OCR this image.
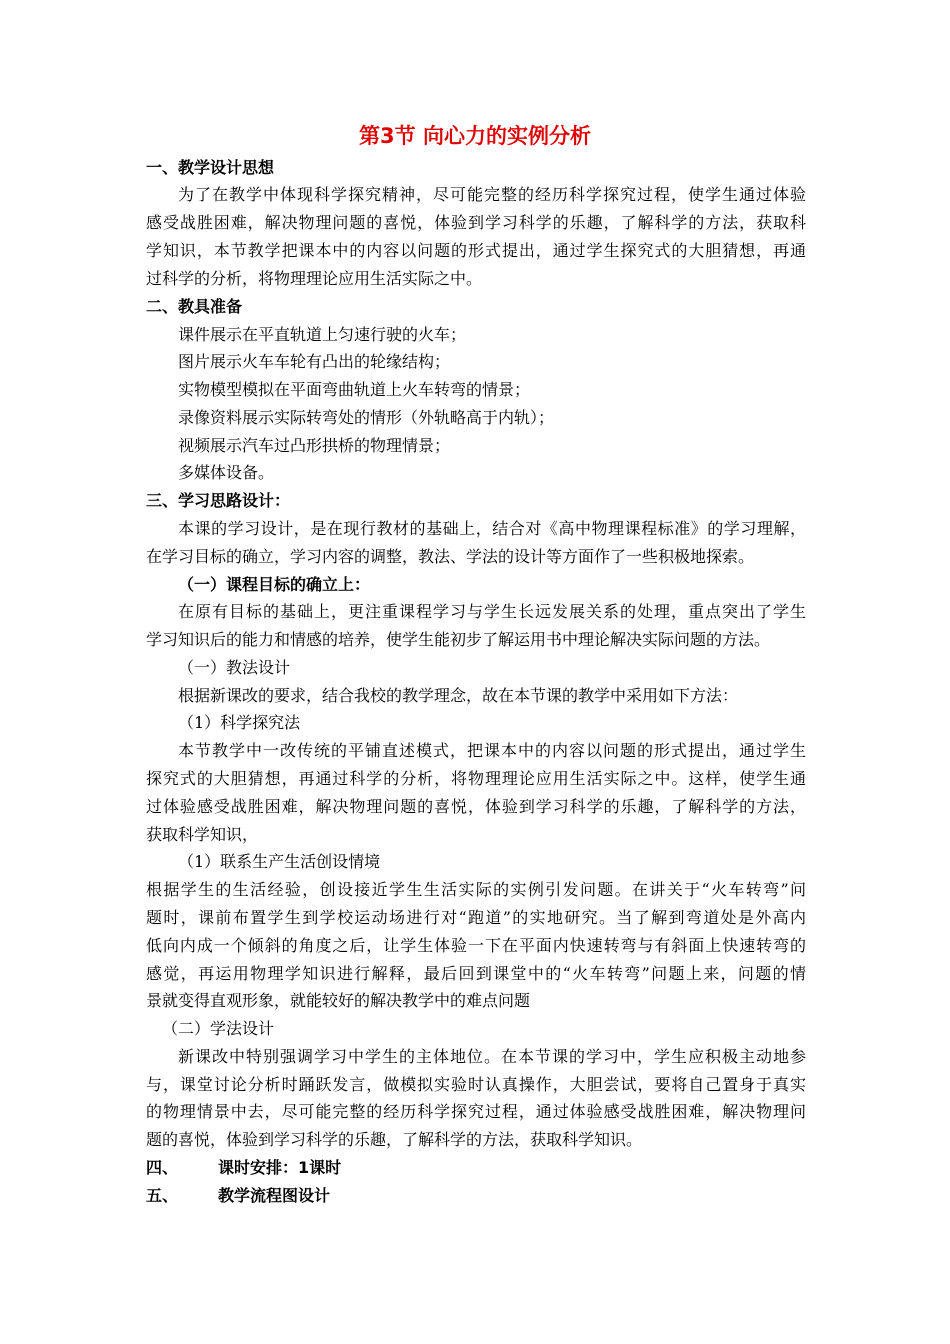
第3节 向心力的实例分析
一、教学设计思想
为了在教学中体现科学探究精神，尽可能完整的经历科学探究过程，使学生通过体验
感受战胜困难，解决物理问题的喜悦，体验到学习科学的乐趣，了解科学的方法，获取科
学知识，本节教学把课本中的内容以问题的形式提出，通过学生探究式的大胆猜想，再通
过科学的分析，将物理理论应用生活实际之中。
二、教具准备
课件展示在平直轨道上匀速行驶的火车；
图片展示火车车轮有凸出的轮缘结构；
实物模型模拟在平面弯曲轨道上火车转弯的情景；
录像资料展示实际转弯处的情形（外轨略高于内轨）；
视频展示汽车过凸形拱桥的物理情景；
多媒体设备。
三、学习思路设计：
本课的学习设计，是在现行教材的基础上，结合对《高中物理课程标准》的学习理解，
在学习目标的确立，学习内容的调整，教法、学法的设计等方面作了一些积极地探索。
（一）课程目标的确立上：
在原有目标的基础上，更注重课程学习与学生长远发展关系的处理，重点突出了学生
学习知识后的能力和情感的培养，使学生能初步了解运用书中理论解决实际问题的方法。
（一）教法设计
根据新课改的要求，结合我校的教学理念，故在本节课的教学中采用如下方法：
（1）科学探究法
本节教学中一改传统的平铺直述模式，把课本中的内容以问题的形式提出，通过学生
探究式的大胆猜想，再通过科学的分析，将物理理论应用生活实际之中。这样，使学生通
过体验感受战胜困难，解决物理问题的喜悦，体验到学习科学的乐趣，了解科学的方法，
获取科学知识，
（1）联系生产生活创设情境
根据学生的生活经验，创设接近学生生活实际的实例引发问题。在讲关于“火车转弯”问
题时，课前布置学生到学校运动场进行对“跑道”的实地研究。当了解到弯道处是外高内
低向内成一个倾斜的角度之后，让学生体验一下在平面内快速转弯与有斜面上快速转弯的
感觉，再运用物理学知识进行解释，最后回到课堂中的“火车转弯”问题上来，问题的情
景就变得直观形象，就能较好的解决教学中的难点问题
（二）学法设计
新课改中特别强调学习中学生的主体地位。在本节课的学习中，学生应积极主动地参
与，课堂讨论分析时踊跃发言，做模拟实验时认真操作，大胆尝试，要将自己置身于真实
的物理情景中去，尽可能完整的经历科学探究过程，通过体验感受战胜困难，解决物理问
题的喜悦，体验到学习科学的乐趣，了解科学的方法，获取科学知识。
四、	课时安排：1课时
五、	教学流程图设计
